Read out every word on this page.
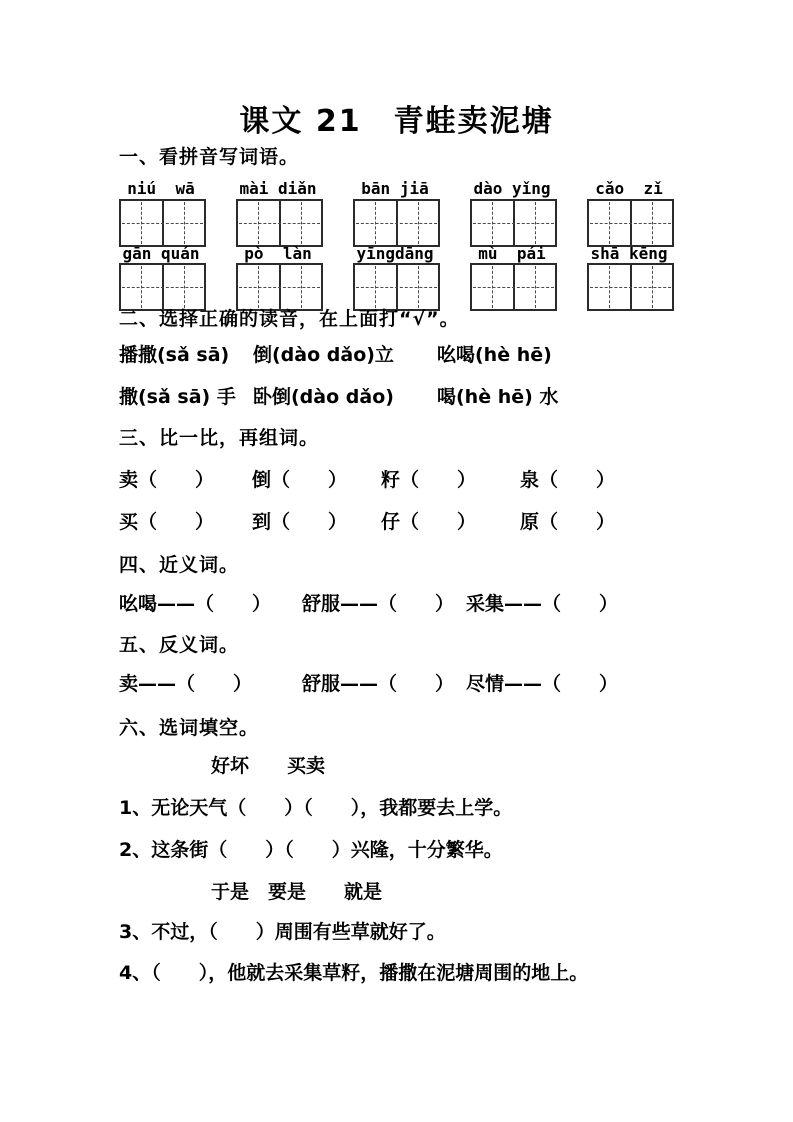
课文 21　青蛙卖泥塘
一、看拼音写词语。
niú  wā	mài diǎn	bān jiā	dào yǐng	cǎo  zǐ
gān quán	pò  làn	yīngdāng	mù  pái	shā kēng
二、选择正确的读音，在上面打“√”。
播撒(sǎ sā) 倒(dào dǎo)立 吆喝(hè hē)
撒(sǎ sā) 手 卧倒(dào dǎo) 喝(hè hē) 水
三、比一比，再组词。
卖（　　） 倒（　　） 籽（　　） 泉（　　）
买（　　） 到（　　） 仔（　　） 原（　　）
四、近义词。
吆喝——（　　） 舒服——（　　） 采集——（　　）
五、反义词。
卖——（　　）	舒服——（　　） 尽情——（　　）
六、选词填空。
好坏　　买卖
1、无论天气（　　）（　　），我都要去上学。
2、这条街（　　）（　　）兴隆，十分繁华。
于是　要是　　就是
3、不过，（　　）周围有些草就好了。
4、（　　），他就去采集草籽，播撒在泥塘周围的地上。
